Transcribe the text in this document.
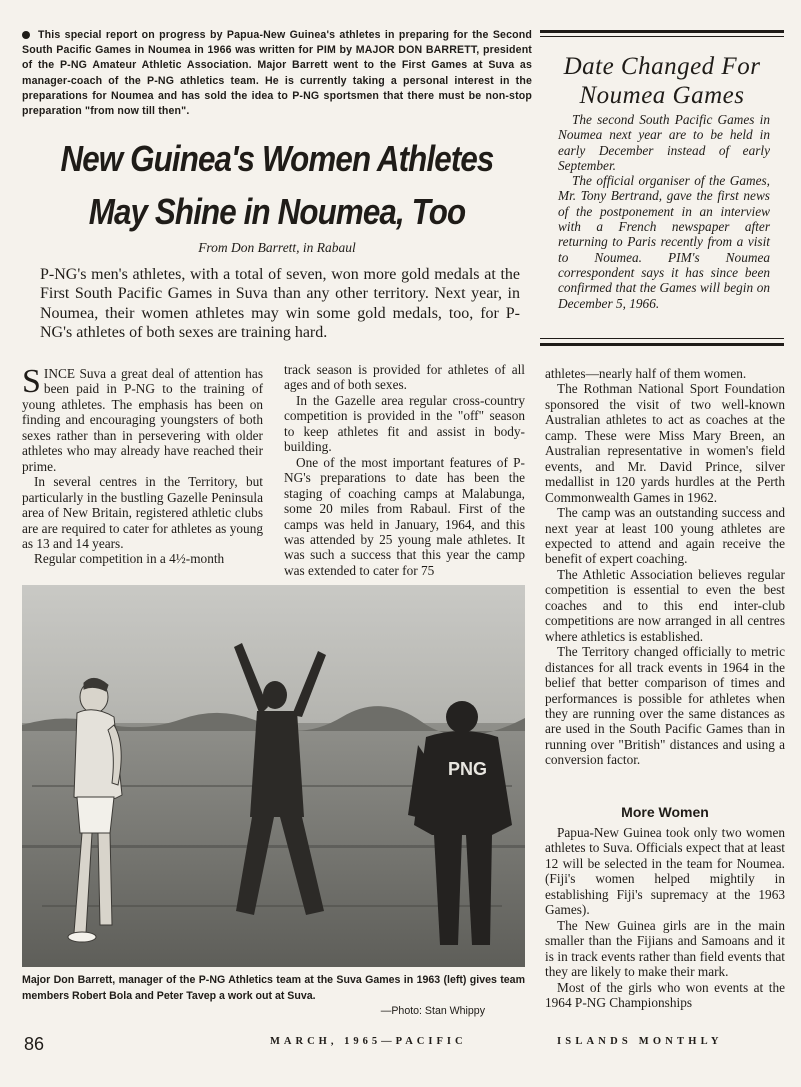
This special report on progress by Papua-New Guinea's athletes in preparing for the Second South Pacific Games in Noumea in 1966 was written for PIM by MAJOR DON BARRETT, president of the P-NG Amateur Athletic Association. Major Barrett went to the First Games at Suva as manager-coach of the P-NG athletics team. He is currently taking a personal interest in the preparations for Noumea and has sold the idea to P-NG sportsmen that there must be non-stop preparation "from now till then".
New Guinea's Women Athletes
May Shine in Noumea, Too
From Don Barrett, in Rabaul
P-NG's men's athletes, with a total of seven, won more gold medals at the First South Pacific Games in Suva than any other territory. Next year, in Noumea, their women athletes may win some gold medals, too, for P-NG's athletes of both sexes are training hard.

SINCE Suva a great deal of attention has been paid in P-NG to the training of young athletes. The emphasis has been on finding and encouraging youngsters of both sexes rather than in persevering with older athletes who may already have reached their prime.

In several centres in the Territory, but particularly in the bustling Gazelle Peninsula area of New Britain, registered athletic clubs are are required to cater for athletes as young as 13 and 14 years.

Regular competition in a 4½-month

track season is provided for athletes of all ages and of both sexes.

In the Gazelle area regular cross-country competition is provided in the "off" season to keep athletes fit and assist in body-building.

One of the most important features of P-NG's preparations to date has been the staging of coaching camps at Malabunga, some 20 miles from Rabaul. First of the camps was held in January, 1964, and this was attended by 25 young male athletes. It was such a success that this year the camp was extended to cater for 75

athletes—nearly half of them women.

The Rothman National Sport Foundation sponsored the visit of two well-known Australian athletes to act as coaches at the camp. These were Miss Mary Breen, an Australian representative in women's field events, and Mr. David Prince, silver medallist in 120 yards hurdles at the Perth Commonwealth Games in 1962.

The camp was an outstanding success and next year at least 100 young athletes are expected to attend and again receive the benefit of expert coaching.

The Athletic Association believes regular competition is essential to even the best coaches and to this end inter-club competitions are now arranged in all centres where athletics is established.

The Territory changed officially to metric distances for all track events in 1964 in the belief that better comparison of times and performances is possible for athletes when they are running over the same distances as are used in the South Pacific Games than in running over "British" distances and using a conversion factor.

More Women

Papua-New Guinea took only two women athletes to Suva. Officials expect that at least 12 will be selected in the team for Noumea. (Fiji's women helped mightily in establishing Fiji's supremacy at the 1963 Games).

The New Guinea girls are in the main smaller than the Fijians and Samoans and it is in track events rather than field events that they are likely to make their mark.

Most of the girls who won events at the 1964 P-NG Championships

PNG
Major Don Barrett, manager of the P-NG Athletics team at the Suva Games in 1963 (left) gives team members Robert Bola and Peter Tavep a work out at Suva.
—Photo: Stan Whippy
Date Changed For
Noumea Games

The second South Pacific Games in Noumea next year are to be held in early December instead of early September.

The official organiser of the Games, Mr. Tony Bertrand, gave the first news of the postponement in an interview with a French newspaper after returning to Paris recently from a visit to Noumea. PIM's Noumea correspondent says it has since been confirmed that the Games will begin on December 5, 1966.

86	MARCH, 1965—PACIFIC	ISLANDS MONTHLY
